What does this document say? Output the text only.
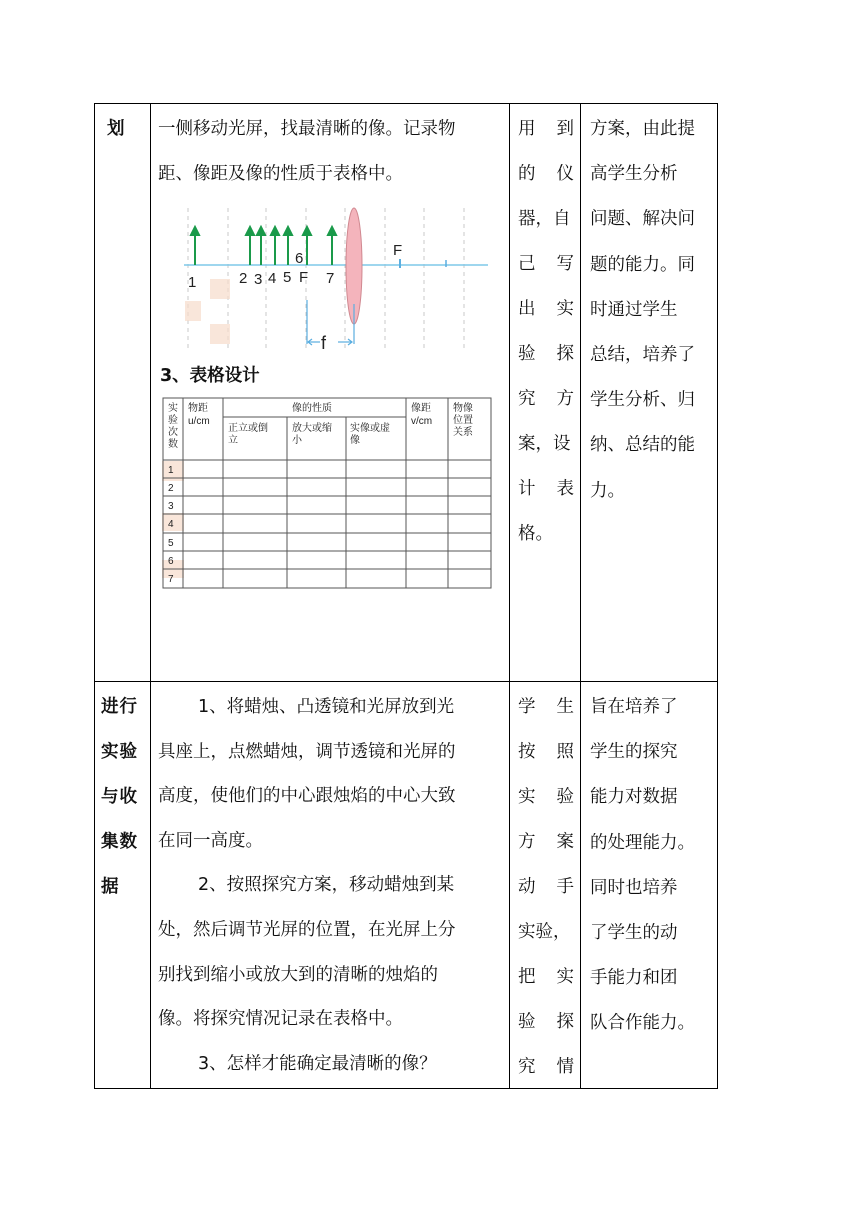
划 一侧移动光屏，找最清晰的像。记录物
距、像距及像的性质于表格中。
1	2 3 4 5 F 7
6	F
f
3、表格设计
实
验
次
数
物距
u/cm
像的性质
正立或倒
立
放大或缩
小
实像或虚
像
像距
v/cm
物像
位置
关系
1
2
3
4
5
6
7
用 到
的 仪
器，自
己 写
出 实
验 探
究 方
案，设
计 表
格。
方案，由此提
高学生分析
问题、解决问
题的能力。同
时通过学生
总结，培养了
学生分析、归
纳、总结的能
力。
进行
实验
与收
集数
据
1、将蜡烛、凸透镜和光屏放到光
具座上，点燃蜡烛，调节透镜和光屏的
高度，使他们的中心跟烛焰的中心大致
在同一高度。
2、按照探究方案，移动蜡烛到某
处，然后调节光屏的位置，在光屏上分
别找到缩小或放大到的清晰的烛焰的
像。将探究情况记录在表格中。
3、怎样才能确定最清晰的像？
学 生
按 照
实 验
方 案
动 手
实验，
把 实
验 探
究 情
旨在培养了
学生的探究
能力对数据
的处理能力。
同时也培养
了学生的动
手能力和团
队合作能力。
